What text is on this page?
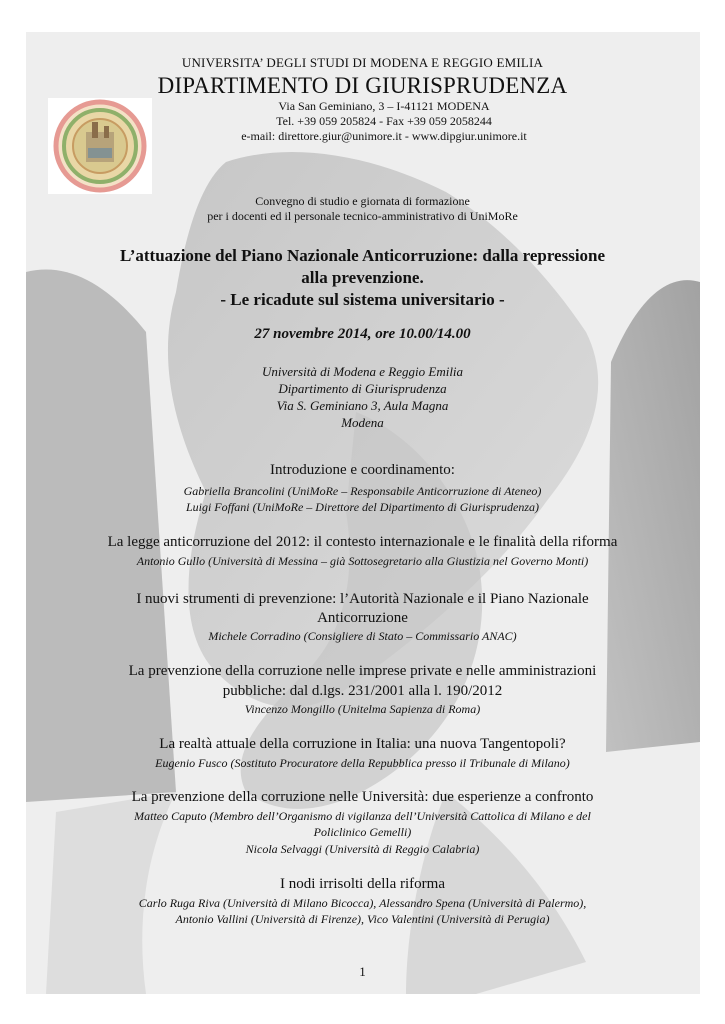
UNIVERSITA’ DEGLI STUDI DI MODENA E REGGIO EMILIA
DIPARTIMENTO DI GIURISPRUDENZA
Via San Geminiano, 3 – I-41121 MODENA
Tel. +39 059 205824 - Fax +39 059 2058244
e-mail: direttore.giur@unimore.it - www.dipgiur.unimore.it
Convegno di studio e giornata di formazione
per i docenti ed il personale tecnico-amministrativo di UniMoRe
L’attuazione del Piano Nazionale Anticorruzione: dalla repressione
alla prevenzione.
- Le ricadute sul sistema universitario -
27 novembre 2014, ore 10.00/14.00
Università di Modena e Reggio Emilia
Dipartimento di Giurisprudenza
Via S. Geminiano 3, Aula Magna
Modena
Introduzione e coordinamento:
Gabriella Brancolini (UniMoRe – Responsabile Anticorruzione di Ateneo)
Luigi Foffani (UniMoRe – Direttore del Dipartimento di Giurisprudenza)
La legge anticorruzione del 2012: il contesto internazionale e le finalità della riforma
Antonio Gullo (Università di Messina – già Sottosegretario alla Giustizia nel Governo Monti)
I nuovi strumenti di prevenzione: l’Autorità Nazionale e il Piano Nazionale
Anticorruzione
Michele Corradino (Consigliere di Stato – Commissario ANAC)
La prevenzione della corruzione nelle imprese private e nelle amministrazioni
pubbliche: dal d.lgs. 231/2001 alla l. 190/2012
Vincenzo Mongillo (Unitelma Sapienza di Roma)
La realtà attuale della corruzione in Italia: una nuova Tangentopoli?
Eugenio Fusco (Sostituto Procuratore della Repubblica presso il Tribunale di Milano)
La prevenzione della corruzione nelle Università: due esperienze a confronto
Matteo Caputo (Membro dell’Organismo di vigilanza dell’Università Cattolica di Milano e del
Policlinico Gemelli)
Nicola Selvaggi (Università di Reggio Calabria)
I nodi irrisolti della riforma
Carlo Ruga Riva (Università di Milano Bicocca), Alessandro Spena (Università di Palermo),
Antonio Vallini (Università di Firenze), Vico Valentini (Università di Perugia)
1
